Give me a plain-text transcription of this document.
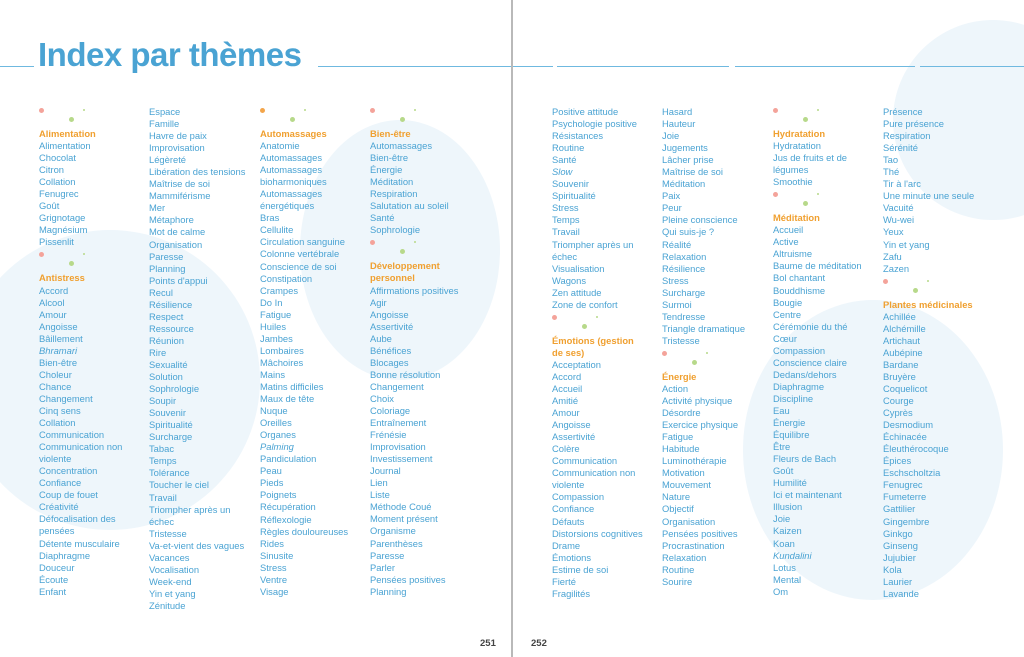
Index par thèmes
Alimentation
Alimentation
Chocolat
Citron
Collation
Fenugrec
Goût
Grignotage
Magnésium
Pissenlit
Antistress
Accord
Alcool
Amour
Angoisse
Bâillement
Bhramari
Bien-être
Choleur
Chance
Changement
Cinq sens
Collation
Communication
Communication non
violente
Concentration
Confiance
Coup de fouet
Créativité
Défocalisation des
pensées
Détente musculaire
Diaphragme
Douceur
Écoute
Enfant
Espace
Famille
Havre de paix
Improvisation
Légèreté
Libération des tensions
Maîtrise de soi
Mammiférisme
Mer
Métaphore
Mot de calme
Organisation
Paresse
Planning
Points d'appui
Recul
Résilience
Respect
Ressource
Réunion
Rire
Sexualité
Solution
Sophrologie
Soupir
Souvenir
Spiritualité
Surcharge
Tabac
Temps
Tolérance
Toucher le ciel
Travail
Triompher après un
échec
Tristesse
Va-et-vient des vagues
Vacances
Vocalisation
Week-end
Yin et yang
Zénitude
Automassages
Anatomie
Automassages
Automassages
bioharmoniques
Automassages
énergétiques
Bras
Cellulite
Circulation sanguine
Colonne vertébrale
Conscience de soi
Constipation
Crampes
Do In
Fatigue
Huiles
Jambes
Lombaires
Mâchoires
Mains
Matins difficiles
Maux de tête
Nuque
Oreilles
Organes
Palming
Pandiculation
Peau
Pieds
Poignets
Récupération
Réflexologie
Règles douloureuses
Rides
Sinusite
Stress
Ventre
Visage
Bien-être
Automassages
Bien-être
Énergie
Méditation
Respiration
Salutation au soleil
Santé
Sophrologie
Développement
personnel
Affirmations positives
Agir
Angoisse
Assertivité
Aube
Bénéfices
Blocages
Bonne résolution
Changement
Choix
Coloriage
Entraînement
Frénésie
Improvisation
Investissement
Journal
Lien
Liste
Méthode Coué
Moment présent
Organisme
Parenthèses
Paresse
Parler
Pensées positives
Planning
251
Positive attitude
Psychologie positive
Résistances
Routine
Santé
Slow
Souvenir
Spiritualité
Stress
Temps
Travail
Triompher après un
échec
Visualisation
Wagons
Zen attitude
Zone de confort
Émotions (gestion
de ses)
Acceptation
Accord
Accueil
Amitié
Amour
Angoisse
Assertivité
Colère
Communication
Communication non
violente
Compassion
Confiance
Défauts
Distorsions cognitives
Drame
Émotions
Estime de soi
Fierté
Fragilités
Hasard
Hauteur
Joie
Jugements
Lâcher prise
Maîtrise de soi
Méditation
Paix
Peur
Pleine conscience
Qui suis-je ?
Réalité
Relaxation
Résilience
Stress
Surcharge
Surmoi
Tendresse
Triangle dramatique
Tristesse
Énergie
Action
Activité physique
Désordre
Exercice physique
Fatigue
Habitude
Luminothérapie
Motivation
Mouvement
Nature
Objectif
Organisation
Pensées positives
Procrastination
Relaxation
Routine
Sourire
Hydratation
Hydratation
Jus de fruits et de
légumes
Smoothie
Méditation
Accueil
Active
Altruisme
Baume de méditation
Bol chantant
Bouddhisme
Bougie
Centre
Cérémonie du thé
Cœur
Compassion
Conscience claire
Dedans/dehors
Diaphragme
Discipline
Eau
Énergie
Équilibre
Être
Fleurs de Bach
Goût
Humilité
Ici et maintenant
Illusion
Joie
Kaizen
Koan
Kundalini
Lotus
Mental
Om
Présence
Pure présence
Respiration
Sérénité
Tao
Thé
Tir à l'arc
Une minute une seule
Vacuité
Wu-wei
Yeux
Yin et yang
Zafu
Zazen
Plantes médicinales
Achillée
Alchémille
Artichaut
Aubépine
Bardane
Bruyère
Coquelicot
Courge
Cyprès
Desmodium
Échinacée
Éleuthérocoque
Épices
Eschscholtzia
Fenugrec
Fumeterre
Gattilier
Gingembre
Ginkgo
Ginseng
Jujubier
Kola
Laurier
Lavande
252
